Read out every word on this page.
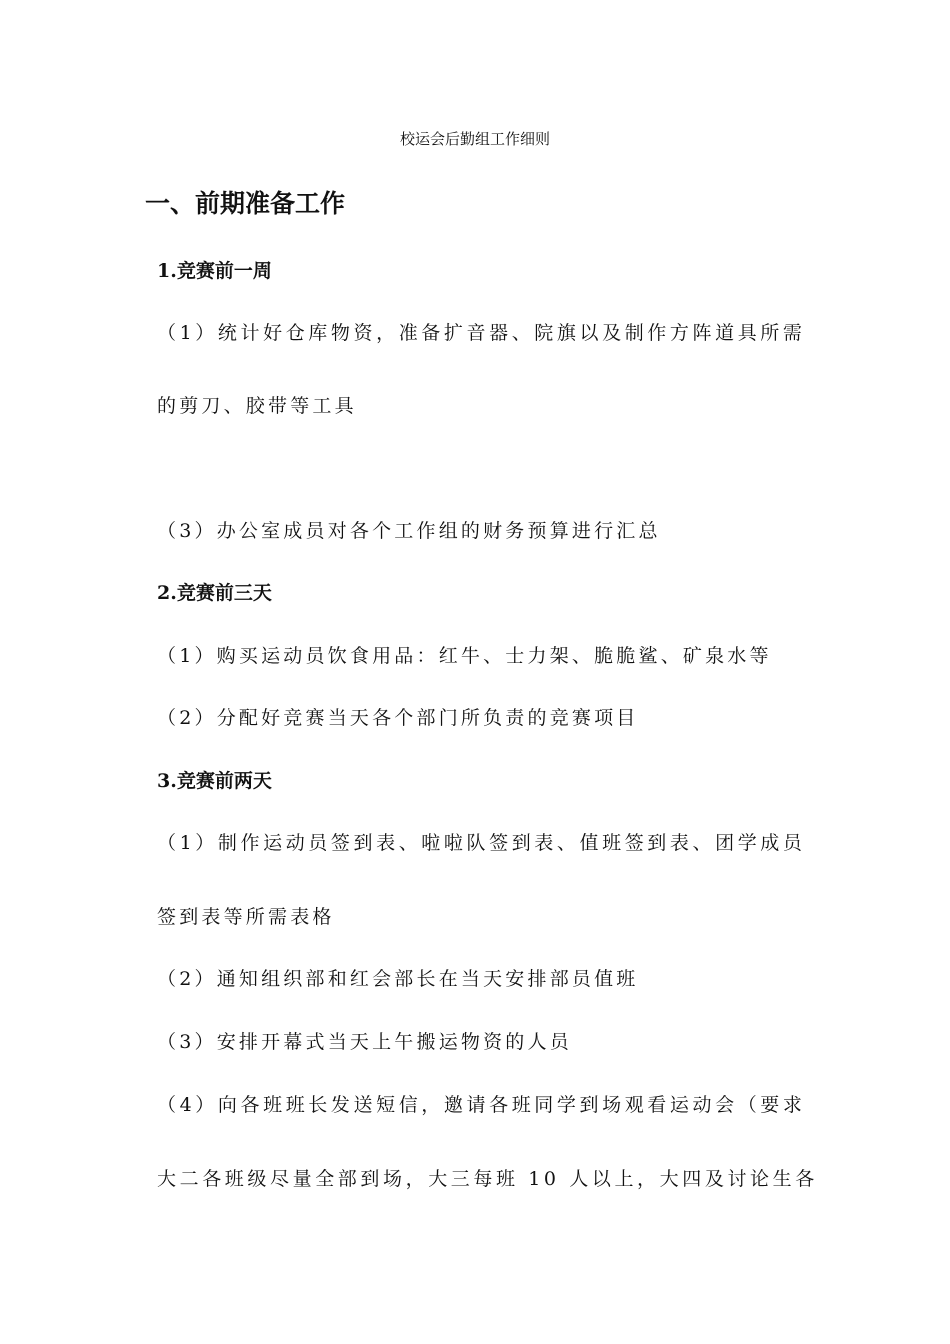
校运会后勤组工作细则
一、前期准备工作
1.竞赛前一周
（1）统计好仓库物资，准备扩音器、院旗以及制作方阵道具所需
的剪刀、胶带等工具
（3）办公室成员对各个工作组的财务预算进行汇总
2.竞赛前三天
（1）购买运动员饮食用品：红牛、士力架、脆脆鲨、矿泉水等
（2）分配好竞赛当天各个部门所负责的竞赛项目
3.竞赛前两天
（1）制作运动员签到表、啦啦队签到表、值班签到表、团学成员
签到表等所需表格
（2）通知组织部和红会部长在当天安排部员值班
（3）安排开幕式当天上午搬运物资的人员
（4）向各班班长发送短信，邀请各班同学到场观看运动会（要求
大二各班级尽量全部到场，大三每班 10 人以上，大四及讨论生各
